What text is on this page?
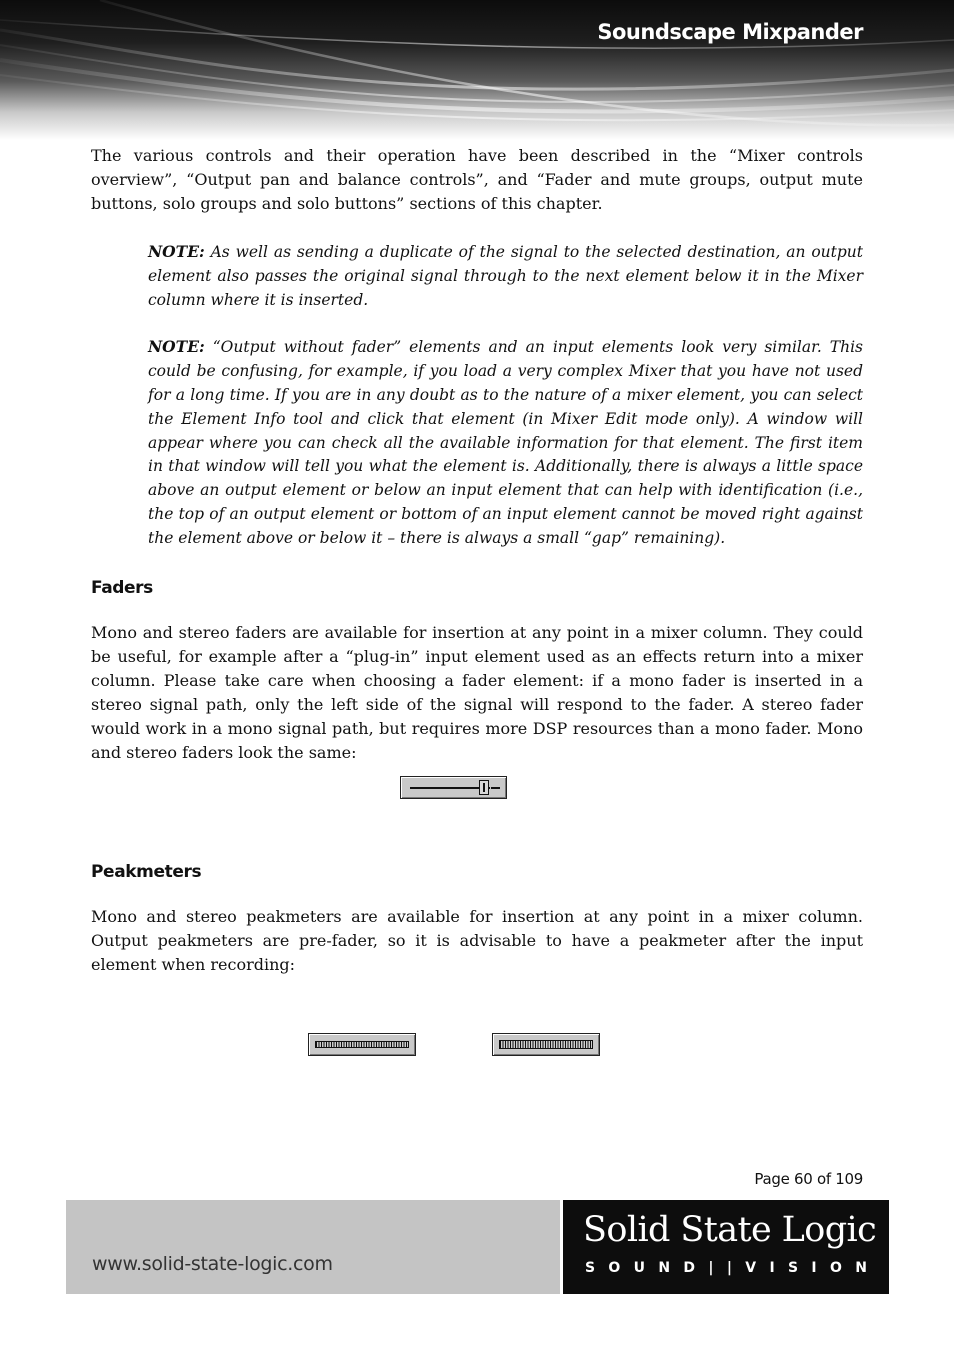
Soundscape Mixpander

The various controls and their operation have been described in the “Mixer controls overview”, “Output pan and balance controls”, and “Fader and mute groups, output mute buttons, solo groups and solo buttons” sections of this chapter.

NOTE: As well as sending a duplicate of the signal to the selected destination, an output element also passes the original signal through to the next element below it in the Mixer column where it is inserted.

NOTE: “Output without fader” elements and an input elements look very similar. This could be confusing, for example, if you load a very complex Mixer that you have not used for a long time. If you are in any doubt as to the nature of a mixer element, you can select the Element Info tool and click that element (in Mixer Edit mode only). A window will appear where you can check all the available information for that element. The first item in that window will tell you what the element is. Additionally, there is always a little space above an output element or below an input element that can help with identification (i.e., the top of an output element or bottom of an input element cannot be moved right against the element above or below it – there is always a small “gap” remaining).

Faders

Mono and stereo faders are available for insertion at any point in a mixer column. They could be useful, for example after a “plug-in” input element used as an effects return into a mixer column. Please take care when choosing a fader element: if a mono fader is inserted in a stereo signal path, only the left side of the signal will respond to the fader. A stereo fader would work in a mono signal path, but requires more DSP resources than a mono fader. Mono and stereo faders look the same:

Peakmeters

Mono and stereo peakmeters are available for insertion at any point in a mixer column. Output peakmeters are pre-fader, so it is advisable to have a peakmeter after the input element when recording:

Page 60 of 109
www.solid-state-logic.com
Solid State Logic
S O U N D | | V I S I O N
